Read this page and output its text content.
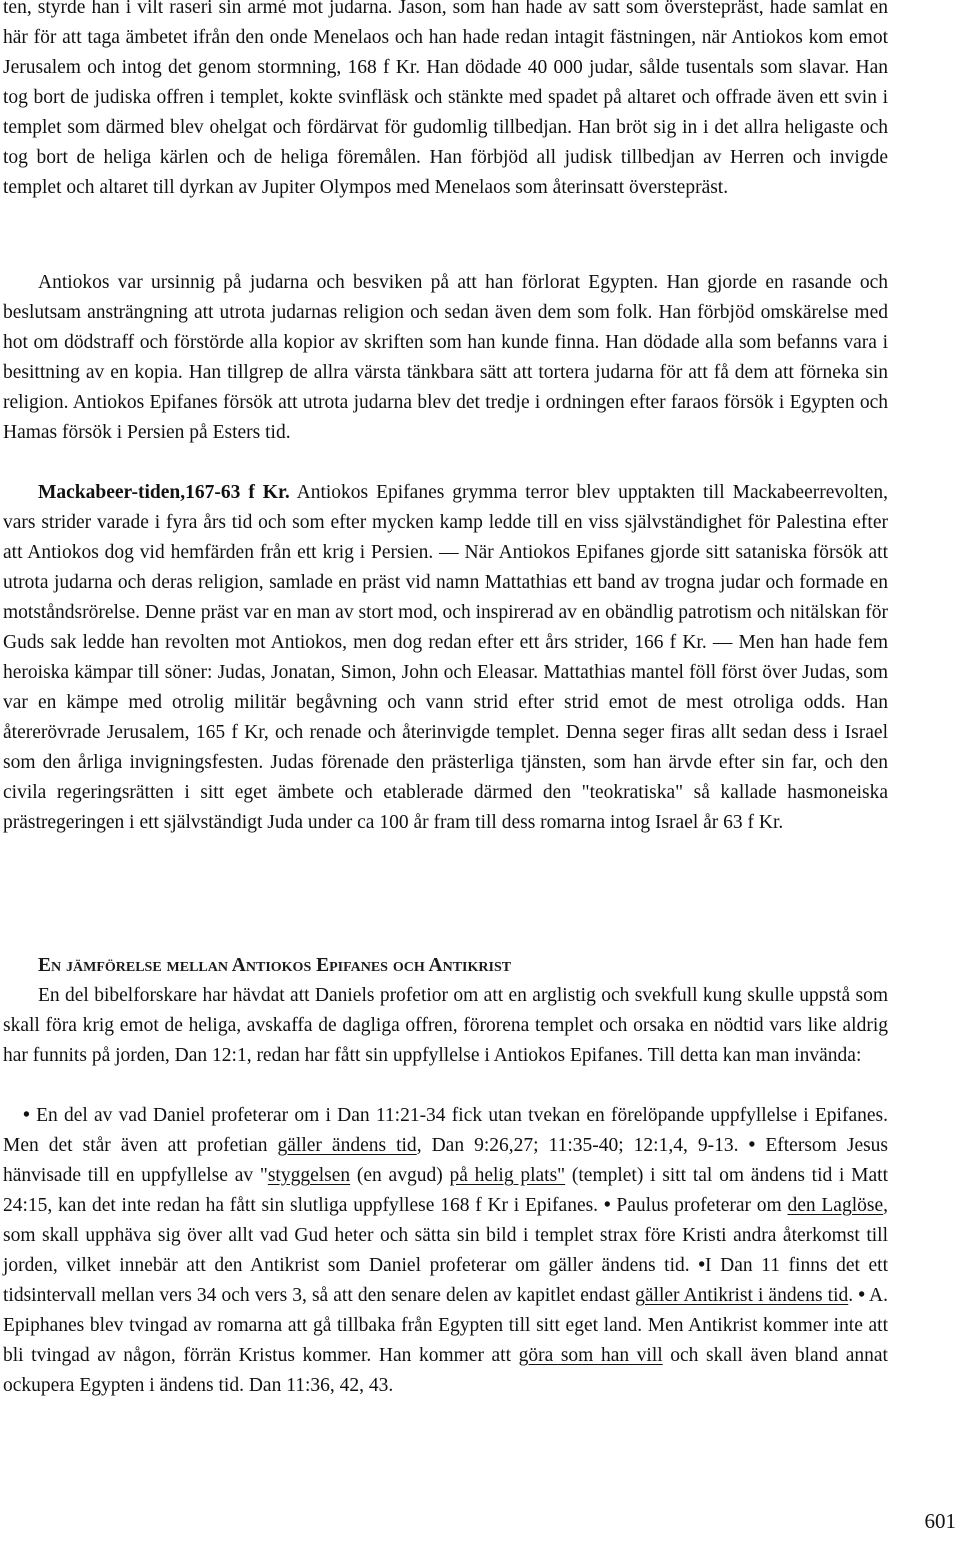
ten, styrde han i vilt raseri sin armé mot judarna. Jason, som han hade av satt som överstepräst, hade samlat en här för att taga ämbetet ifrån den onde Menelaos och han hade redan intagit fästningen, när Antiokos kom emot Jerusalem och intog det genom stormning, 168 f Kr. Han dödade 40 000 judar, sålde tusentals som slavar. Han tog bort de judiska offren i templet, kokte svinfläsk och stänkte med spadet på altaret och offrade även ett svin i templet som därmed blev ohelgat och fördärvat för gudomlig tillbedjan. Han bröt sig in i det allra heligaste och tog bort de heliga kärlen och de heliga föremålen. Han förbjöd all judisk tillbedjan av Herren och invigde templet och altaret till dyrkan av Jupiter Olympos med Menelaos som återinsatt överstepräst.

Antiokos var ursinnig på judarna och besviken på att han förlorat Egypten. Han gjorde en rasande och beslutsam ansträngning att utrota judarnas religion och sedan även dem som folk. Han förbjöd omskärelse med hot om dödstraff och förstörde alla kopior av skriften som han kunde finna. Han dödade alla som befanns vara i besittning av en kopia. Han tillgrep de allra värsta tänkbara sätt att tortera judarna för att få dem att förneka sin religion. Antiokos Epifanes försök att utrota judarna blev det tredje i ordningen efter faraos försök i Egypten och Hamas försök i Persien på Esters tid.

Mackabeer-tiden,167-63 f Kr. Antiokos Epifanes grymma terror blev upptakten till Mackabeerrevolten, vars strider varade i fyra års tid och som efter mycken kamp ledde till en viss självständighet för Palestina efter att Antiokos dog vid hemfärden från ett krig i Persien. — När Antiokos Epifanes gjorde sitt sataniska försök att utrota judarna och deras religion, samlade en präst vid namn Mattathias ett band av trogna judar och formade en motståndsrörelse. Denne präst var en man av stort mod, och inspirerad av en obändlig patrotism och nitälskan för Guds sak ledde han revolten mot Antiokos, men dog redan efter ett års strider, 166 f Kr. — Men han hade fem heroiska kämpar till söner: Judas, Jonatan, Simon, John och Eleasar. Mattathias mantel föll först över Judas, som var en kämpe med otrolig militär begåvning och vann strid efter strid emot de mest otroliga odds. Han återerövrade Jerusalem, 165 f Kr, och renade och återinvigde templet. Denna seger firas allt sedan dess i Israel som den årliga invigningsfesten. Judas förenade den prästerliga tjänsten, som han ärvde efter sin far, och den civila regeringsrätten i sitt eget ämbete och etablerade därmed den "teokratiska" så kallade hasmoneiska prästregeringen i ett självständigt Juda under ca 100 år fram till dess romarna intog Israel år 63 f Kr.

En jämförelse mellan Antiokos Epifanes och Antikrist

En del bibelforskare har hävdat att Daniels profetior om att en arglistig och svekfull kung skulle uppstå som skall föra krig emot de heliga, avskaffa de dagliga offren, förorena templet och orsaka en nödtid vars like aldrig har funnits på jorden, Dan 12:1, redan har fått sin uppfyllelse i Antiokos Epifanes. Till detta kan man invända:

• En del av vad Daniel profeterar om i Dan 11:21-34 fick utan tvekan en förelöpande uppfyllelse i Epifanes. Men det står även att profetian gäller ändens tid, Dan 9:26,27; 11:35-40; 12:1,4, 9-13. • Eftersom Jesus hänvisade till en uppfyllelse av "styggelsen (en avgud) på helig plats" (templet) i sitt tal om ändens tid i Matt 24:15, kan det inte redan ha fått sin slutliga uppfyllese 168 f Kr i Epifanes. • Paulus profeterar om den Laglöse, som skall upphäva sig över allt vad Gud heter och sätta sin bild i templet strax före Kristi andra återkomst till jorden, vilket innebär att den Antikrist som Daniel profeterar om gäller ändens tid. •I Dan 11 finns det ett tidsintervall mellan vers 34 och vers 3, så att den senare delen av kapitlet endast gäller Antikrist i ändens tid. • A. Epiphanes blev tvingad av romarna att gå tillbaka från Egypten till sitt eget land. Men Antikrist kommer inte att bli tvingad av någon, förrän Kristus kommer. Han kommer att göra som han vill och skall även bland annat ockupera Egypten i ändens tid. Dan 11:36, 42, 43.

601
